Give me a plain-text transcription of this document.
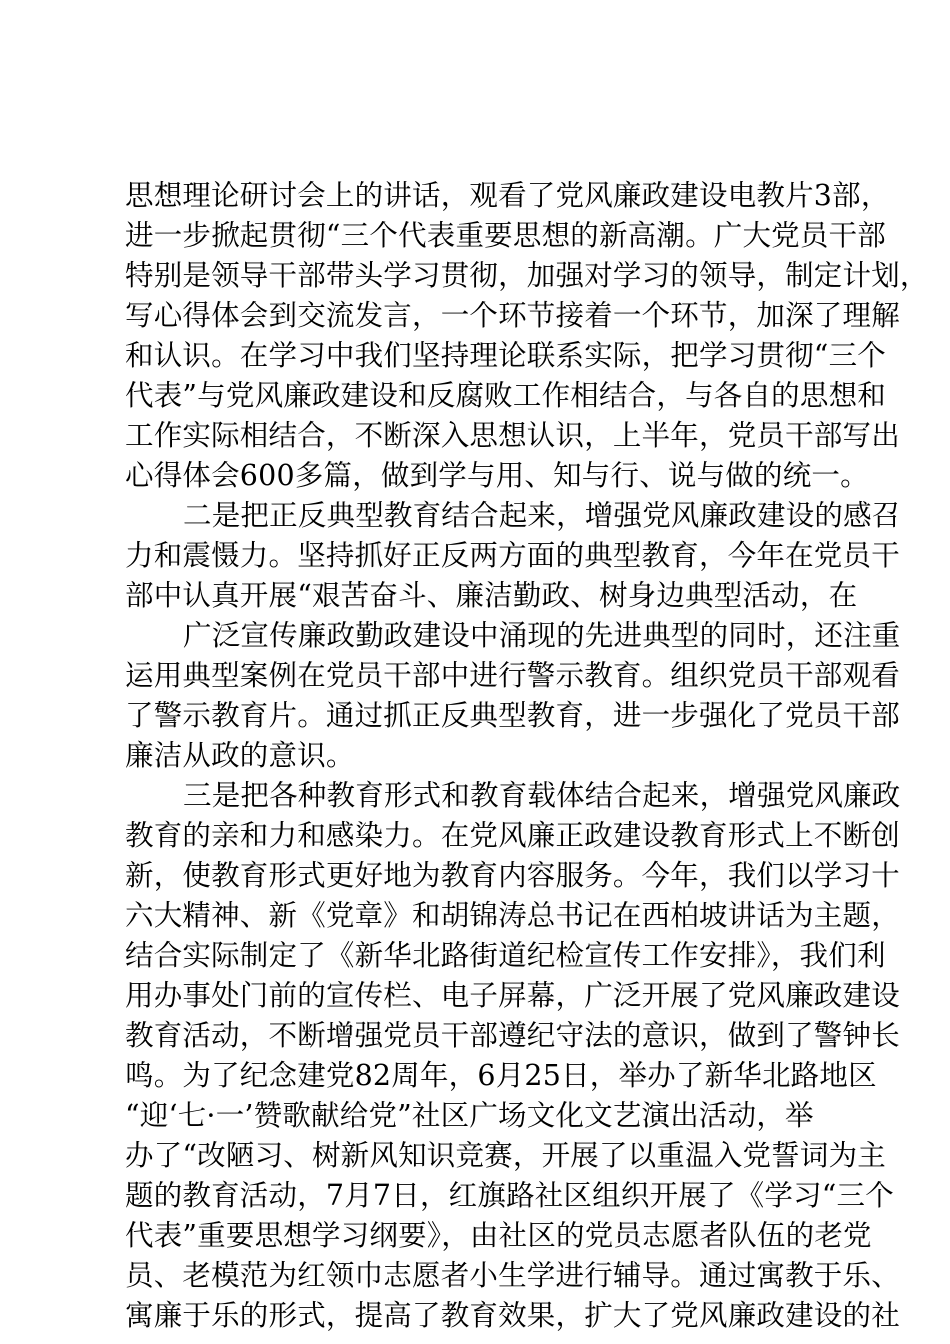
思想理论研讨会上的讲话，观看了党风廉政建设电教片3部，
进一步掀起贯彻“三个代表重要思想的新高潮。广大党员干部
特别是领导干部带头学习贯彻，加强对学习的领导，制定计划，
写心得体会到交流发言，一个环节接着一个环节，加深了理解
和认识。在学习中我们坚持理论联系实际，把学习贯彻“三个
代表”与党风廉政建设和反腐败工作相结合，与各自的思想和
工作实际相结合，不断深入思想认识，上半年，党员干部写出
心得体会600多篇，做到学与用、知与行、说与做的统一。
二是把正反典型教育结合起来，增强党风廉政建设的感召
力和震慑力。坚持抓好正反两方面的典型教育，今年在党员干
部中认真开展“艰苦奋斗、廉洁勤政、树身边典型活动，在
广泛宣传廉政勤政建设中涌现的先进典型的同时，还注重
运用典型案例在党员干部中进行警示教育。组织党员干部观看
了警示教育片。通过抓正反典型教育，进一步强化了党员干部
廉洁从政的意识。
三是把各种教育形式和教育载体结合起来，增强党风廉政
教育的亲和力和感染力。在党风廉正政建设教育形式上不断创
新，使教育形式更好地为教育内容服务。今年，我们以学习十
六大精神、新《党章》和胡锦涛总书记在西柏坡讲话为主题，
结合实际制定了《新华北路街道纪检宣传工作安排》，我们利
用办事处门前的宣传栏、电子屏幕，广泛开展了党风廉政建设
教育活动，不断增强党员干部遵纪守法的意识，做到了警钟长
鸣。为了纪念建党82周年，6月25日，举办了新华北路地区
“迎‘七·一’赞歌献给党”社区广场文化文艺演出活动，举
办了“改陋习、树新风知识竞赛，开展了以重温入党誓词为主
题的教育活动，7月7日，红旗路社区组织开展了《学习“三个
代表”重要思想学习纲要》，由社区的党员志愿者队伍的老党
员、老模范为红领巾志愿者小生学进行辅导。通过寓教于乐、
寓廉于乐的形式，提高了教育效果，扩大了党风廉政建设的社
